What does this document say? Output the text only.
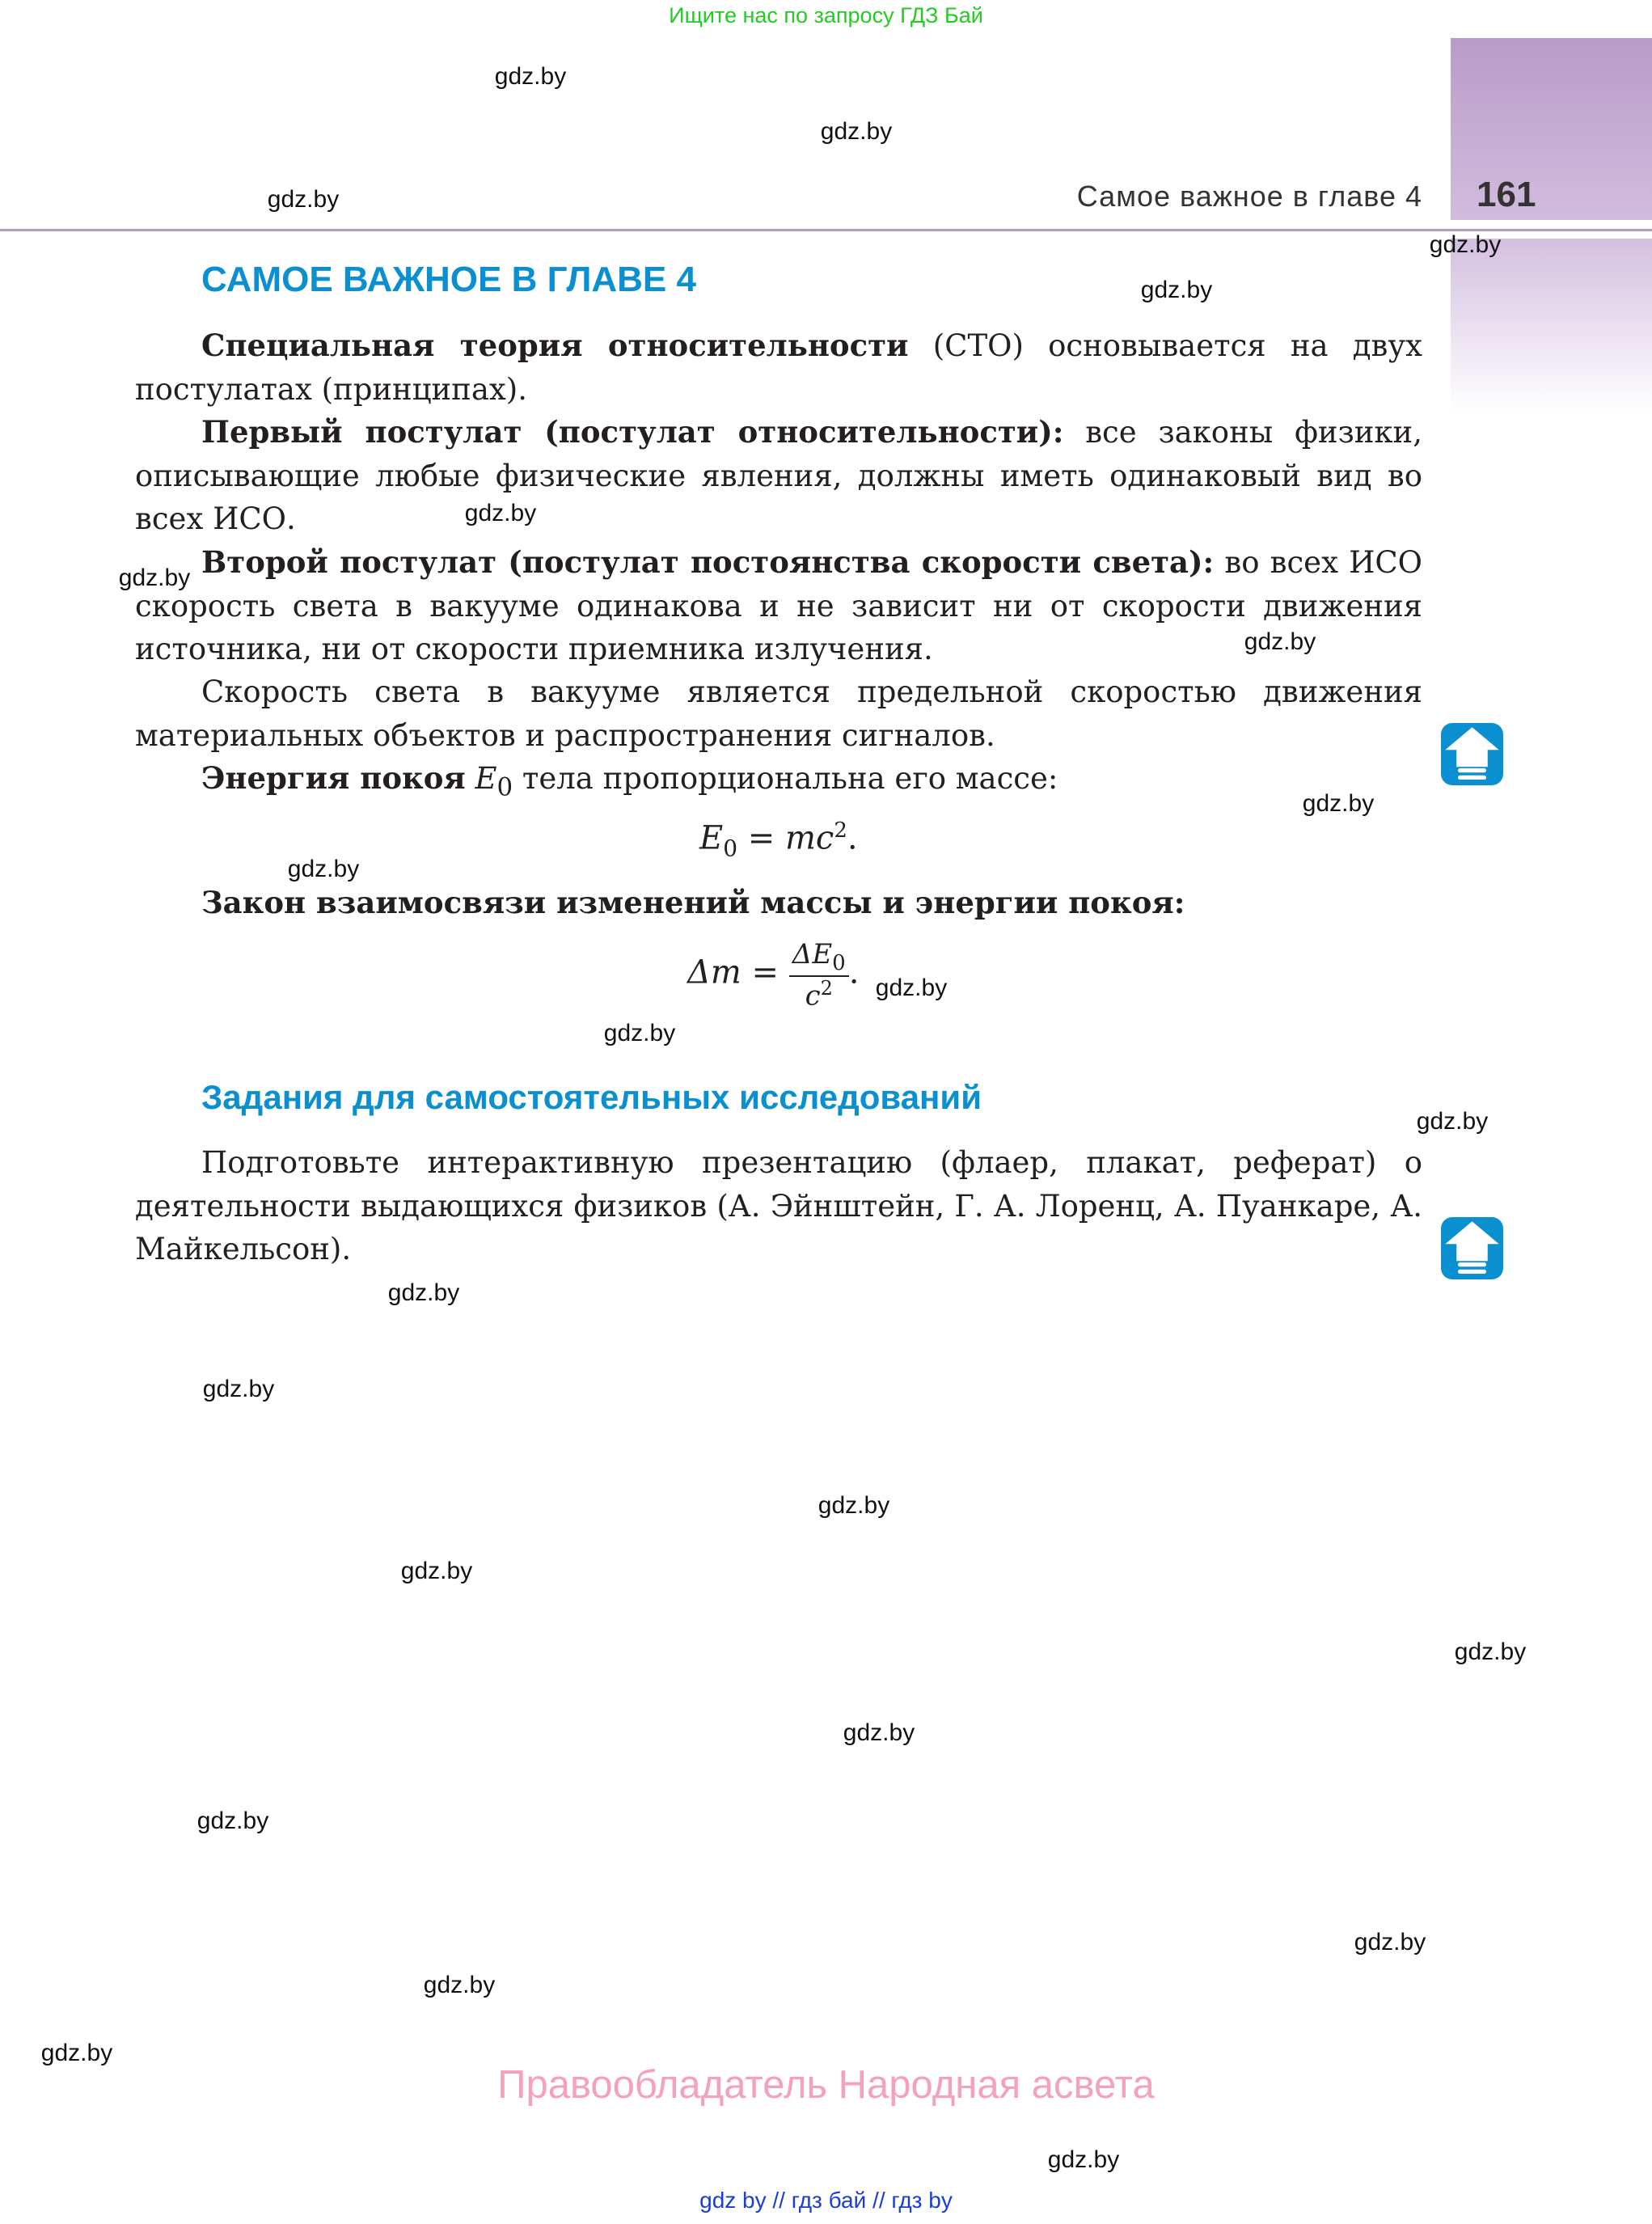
Ищите нас по запросу ГДЗ Бай
Самое важное в главе 4 161
САМОЕ ВАЖНОЕ В ГЛАВЕ 4
Специальная теория относительности (СТО) основывается на двух постулатах (принципах).
Первый постулат (постулат относительности): все законы физики, описывающие любые физические явления, должны иметь одинаковый вид во всех ИСО.
Второй постулат (постулат постоянства скорости света): во всех ИСО скорость света в вакууме одинакова и не зависит ни от скорости движения источника, ни от скорости приемника излучения.
Скорость света в вакууме является предельной скоростью движения материальных объектов и распространения сигналов.
Энергия покоя $E_0$ тела пропорциональна его массе:
$E_0 = mc^2$.
Закон взаимосвязи изменений массы и энергии покоя:
$\Delta m = \frac{\Delta E_0}{c^2}$ .
Задания для самостоятельных исследований
Подготовьте интерактивную презентацию (флаер, плакат, реферат) о деятельности выдающихся физиков (А. Эйнштейн, Г. А. Лоренц, А. Пуанкаре, А. Майкельсон).
gdz.by
gdz.by
gdz.by
gdz.by
gdz.by
gdz.by
gdz.by
gdz.by
gdz.by
gdz.by
gdz.by
gdz.by
gdz.by
gdz.by
gdz.by
gdz.by
gdz.by
gdz.by
gdz.by
gdz.by
gdz.by
gdz.by
gdz.by
gdz.by
Правообладатель Народная асвета
gdz by // гдз бай // гдз by
